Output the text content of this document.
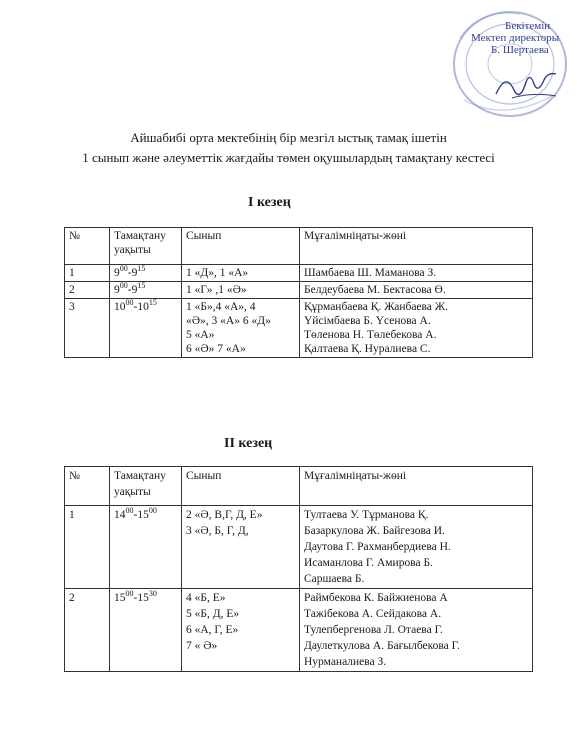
Бекітемін
Мектеп директоры
Б. Шертаева
Айшабибі орта мектебінің бір мезгіл ыстық тамақ ішетін
1 сынып және әлеуметтік жағдайы төмен оқушылардың тамақтану кестесі
І кезең
№	Тамақтану уақыты	Сынып	Мұғалімніңаты-жөні
1	$9^{00}-9^{15}$	1 «Д», 1 «А»	Шамбаева Ш. Маманова З.

2	$9^{00}-9^{15}$	1 «Г» ,1 «Ә»	Белдеубаева М. Бектасова Ө.

3	$10^{00}-10^{15}$	1 «Б»,4 «А», 4
«Ә», 3 «А» 6 «Д»
5 «А»
6 «Ә» 7 «А»	Құрманбаева Қ. Жанбаева Ж.
Үйсімбаева Б. Үсенова А.
Төленова Н. Төлебекова А.
Қалтаева Қ. Нуралиева С.
ІІ кезең
№	Тамақтану уақыты	Сынып	Мұғалімніңаты-жөні
1	$14^{00}-15^{00}$	2 «Ә, В,Г, Д, Е»
3 «Ә, Б, Г, Д,	Тултаева У. Тұрманова Қ.
Базаркулова Ж. Байгезова И.
Даутова Г. Рахманбердиева Н.
Исаманлова Г. Амирова Б.
Саршаева Б.

2	$15^{00}-15^{30}$	4 «Б, Е»
5 «Б, Д, Е»
6 «А, Г, Е»
7 « Ә»	Раймбекова К. Байжиенова А
Тажібекова А. Сейдакова А.
Тулепбергенова Л. Отаева Г.
Даулеткулова А. Бағылбекова Г.
Нурманалиева З.
